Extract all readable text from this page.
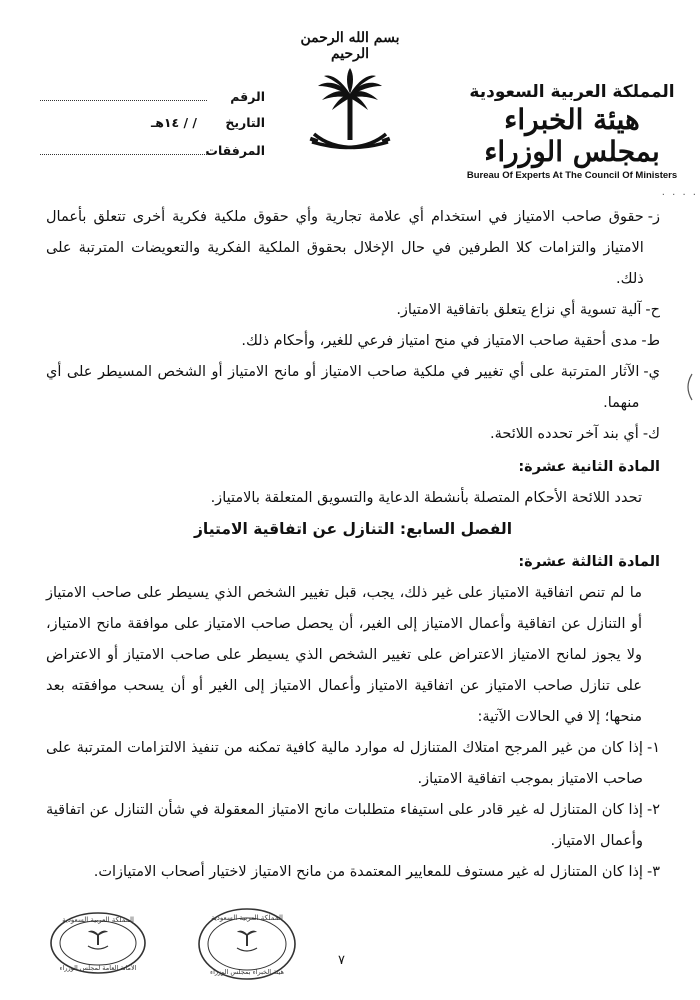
المملكة العربية السعودية
هيئة الخبراء بمجلس الوزراء
Bureau Of Experts At The Council Of Ministers
بسم الله الرحمن الرحيم
الرقم
التاريخ
/ / ١٤هـ
المرفقات
· · · ·
ز-
حقوق صاحب الامتياز في استخدام أي علامة تجارية وأي حقوق ملكية فكرية أخرى تتعلق بأعمال الامتياز والتزامات كلا الطرفين في حال الإخلال بحقوق الملكية الفكرية والتعويضات المترتبة على ذلك.
ح-
آلية تسوية أي نزاع يتعلق باتفاقية الامتياز.
ط-
مدى أحقية صاحب الامتياز في منح امتياز فرعي للغير، وأحكام ذلك.
ي-
الآثار المترتبة على أي تغيير في ملكية صاحب الامتياز أو مانح الامتياز أو الشخص المسيطر على أي منهما.
ك-
أي بند آخر تحدده اللائحة.
المادة الثانية عشرة:

تحدد اللائحة الأحكام المتصلة بأنشطة الدعاية والتسويق المتعلقة بالامتياز.

الفصل السابع: التنازل عن اتفاقية الامتياز
المادة الثالثة عشرة:

ما لم تنص اتفاقية الامتياز على غير ذلك، يجب، قبل تغيير الشخص الذي يسيطر على صاحب الامتياز أو التنازل عن اتفاقية وأعمال الامتياز إلى الغير، أن يحصل صاحب الامتياز على موافقة مانح الامتياز، ولا يجوز لمانح الامتياز الاعتراض على تغيير الشخص الذي يسيطر على صاحب الامتياز أو الاعتراض على تنازل صاحب الامتياز عن اتفاقية الامتياز وأعمال الامتياز إلى الغير أو أن يسحب موافقته بعد منحها؛ إلا في الحالات الآتية:

١-
إذا كان من غير المرجح امتلاك المتنازل له موارد مالية كافية تمكنه من تنفيذ الالتزامات المترتبة على صاحب الامتياز بموجب اتفاقية الامتياز.
٢-
إذا كان المتنازل له غير قادر على استيفاء متطلبات مانح الامتياز المعقولة في شأن التنازل عن اتفاقية وأعمال الامتياز.
٣-
إذا كان المتنازل له غير مستوف للمعايير المعتمدة من مانح الامتياز لاختيار أصحاب الامتيازات.
٧
المملكة العربية السعودية
الأمانة العامة لمجلس الوزراء
المملكة العربية السعودية
هيئة الخبراء بمجلس الوزراء
